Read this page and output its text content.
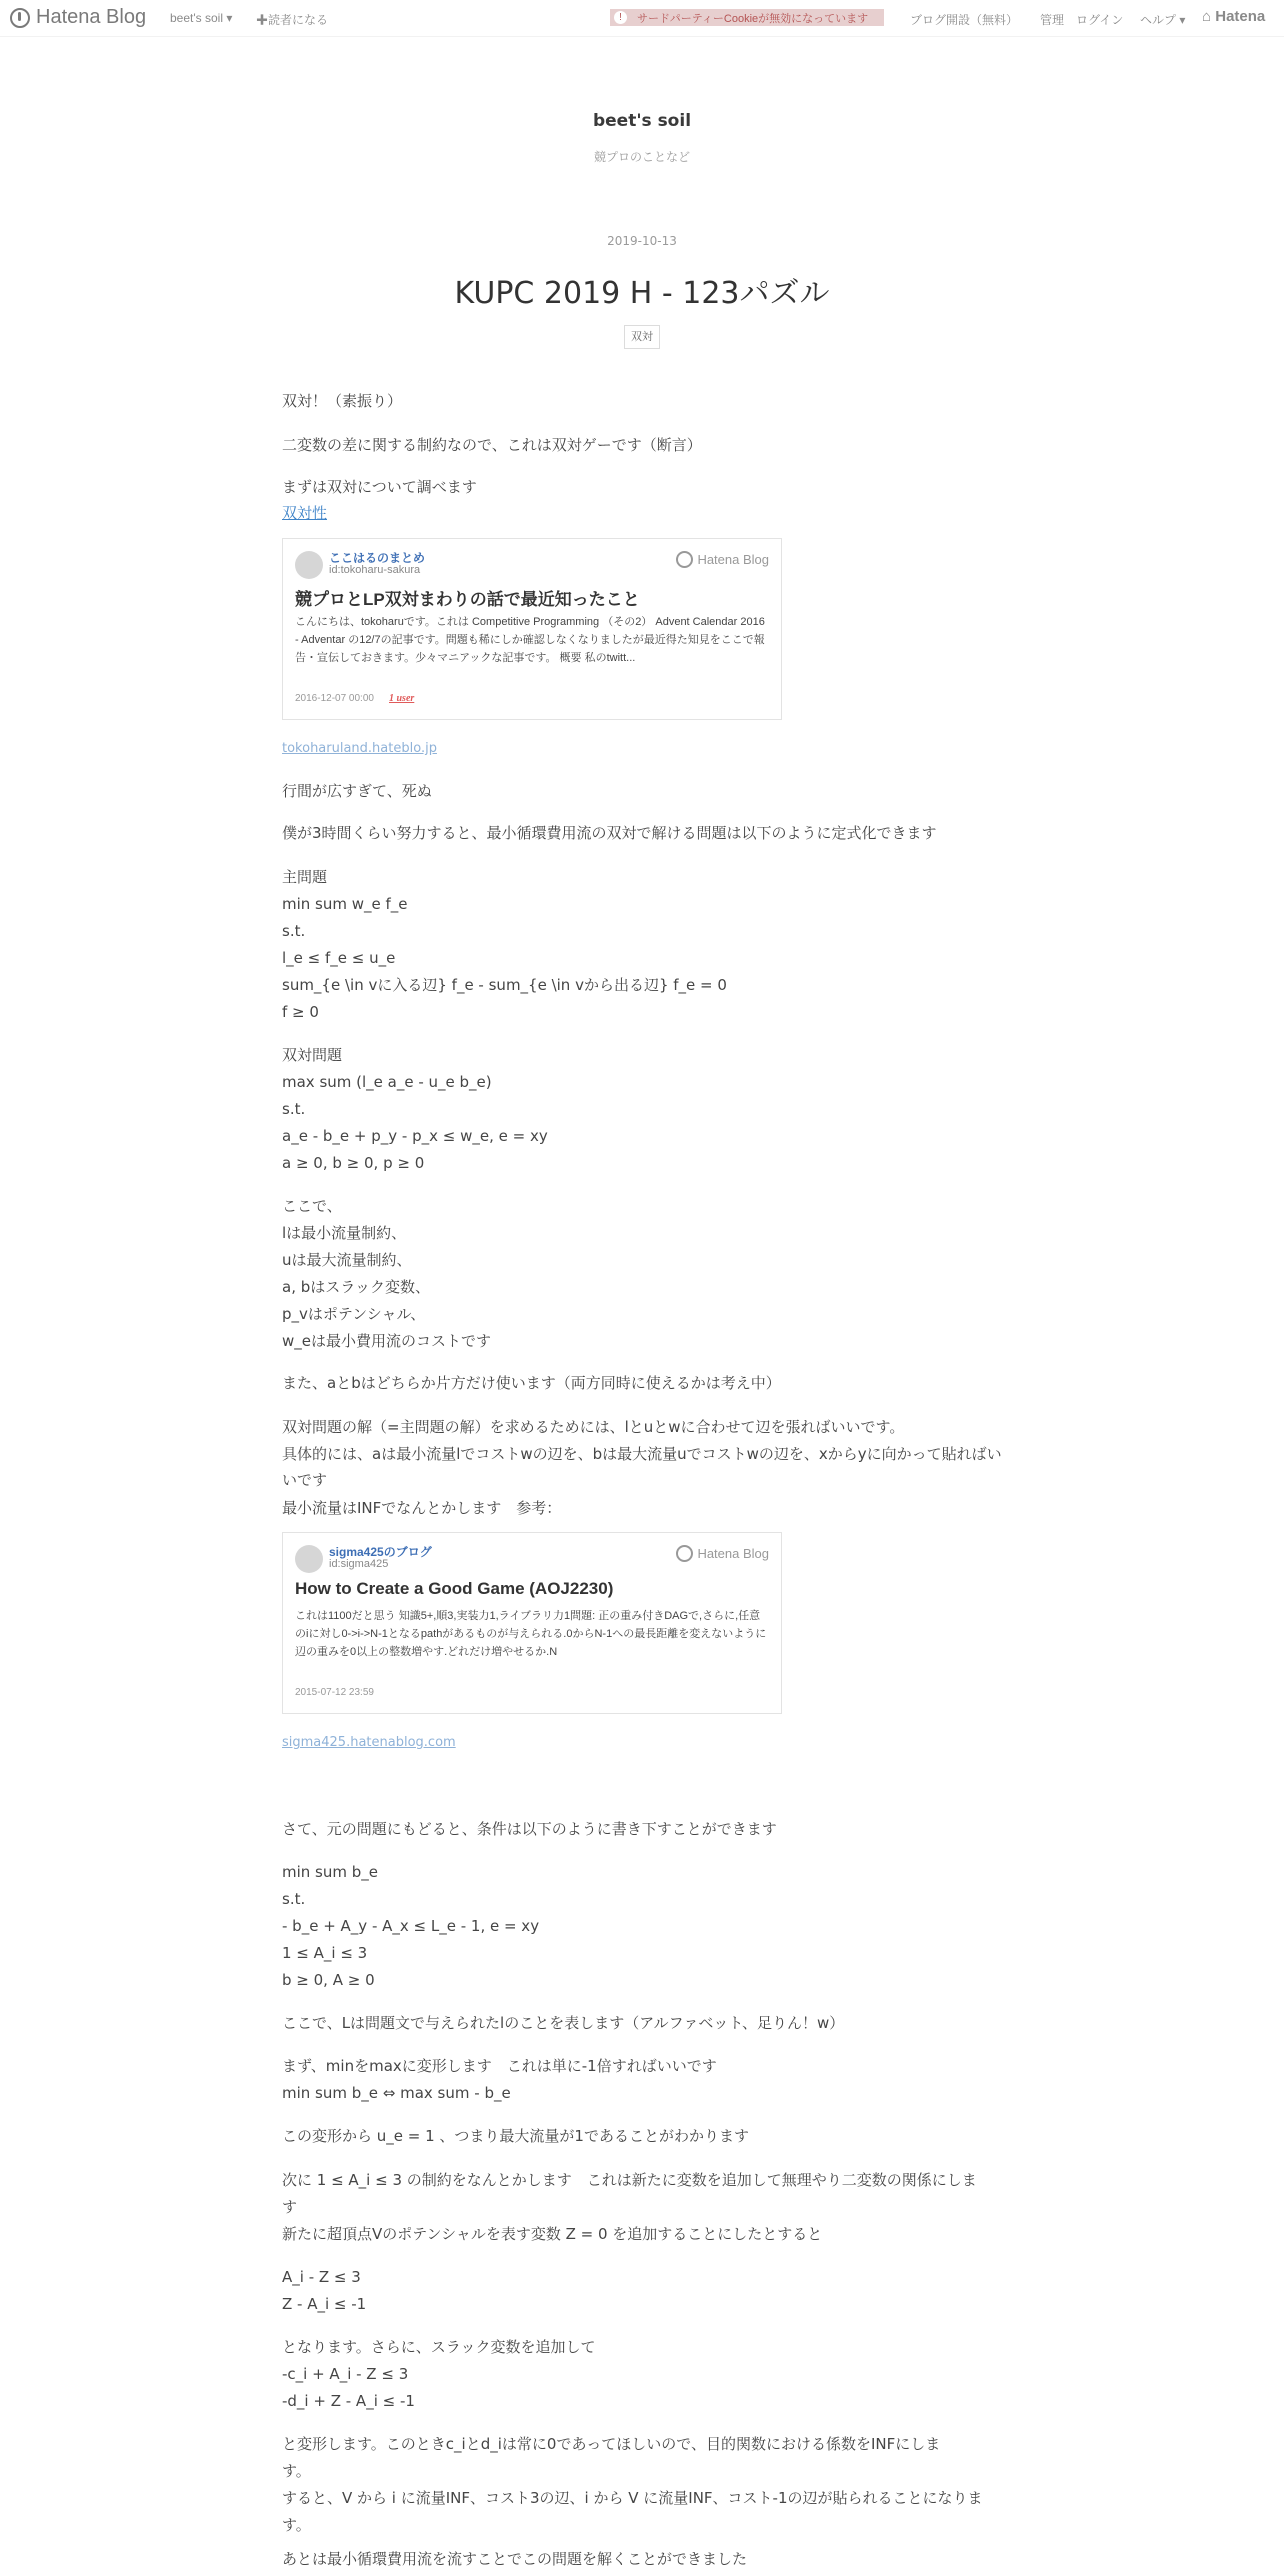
Hatena Blog beet's soil ▾ ✚読者になる	!	サードパーティーCookieが無効になっています	ブログ開設（無料） 管理 ログイン ヘルプ ▾ ⌂ Hatena
beet's soil
競プロのことなど
2019-10-13
KUPC 2019 H - 123パズル
双対
双対！（素振り）
二変数の差に関する制約なので、これは双対ゲーです（断言）
まずは双対について調べます
双対性
ここはるのまとめ
id:tokoharu-sakura
Hatena Blog
競プロとLP双対まわりの話で最近知ったこと
こんにちは、tokoharuです。これは Competitive Programming （その2） Advent Calendar 2016 - Adventar の12/7の記事です。問題も稀にしか確認しなくなりましたが最近得た知見をここで報告・宣伝しておきます。少々マニアックな記事です。 概要 私のtwitt...
2016-12-07 00:00 1 user
tokoharuland.hateblo.jp
行間が広すぎて、死ぬ
僕が3時間くらい努力すると、最小循環費用流の双対で解ける問題は以下のように定式化できます
主問題
min sum w_e f_e
s.t.
l_e ≤ f_e ≤ u_e
sum_{e \in vに入る辺} f_e - sum_{e \in vから出る辺} f_e = 0
f ≥ 0
双対問題
max sum (l_e a_e - u_e b_e)
s.t.
a_e - b_e + p_y - p_x ≤ w_e, e = xy
a ≥ 0, b ≥ 0, p ≥ 0
ここで、
lは最小流量制約、
uは最大流量制約、
a, bはスラック変数、
p_vはポテンシャル、
w_eは最小費用流のコストです
また、aとbはどちらか片方だけ使います（両方同時に使えるかは考え中）
双対問題の解（=主問題の解）を求めるためには、lとuとwに合わせて辺を張ればいいです。
具体的には、aは最小流量lでコストwの辺を、bは最大流量uでコストwの辺を、xからyに向かって貼ればいいです
最小流量はINFでなんとかします　参考：
sigma425のブログ
id:sigma425
Hatena Blog
How to Create a Good Game (AOJ2230)
これは1100だと思う 知識5+,順3,実装力1,ライブラリ力1問題: 正の重み付きDAGで,さらに,任意のiに対し0->i->N-1となるpathがあるものが与えられる.0からN-1への最長距離を変えないように辺の重みを0以上の整数増やす.どれだけ増やせるか.N
2015-07-12 23:59
sigma425.hatenablog.com
さて、元の問題にもどると、条件は以下のように書き下すことができます
min sum b_e
s.t.
- b_e + A_y - A_x ≤ L_e - 1, e = xy
1 ≤ A_i ≤ 3
b ≥ 0, A ≥ 0
ここで、Lは問題文で与えられたlのことを表します（アルファベット、足りん！w）
まず、minをmaxに変形します　これは単に-1倍すればいいです
min sum b_e ⇔ max sum - b_e
この変形から u_e = 1 、つまり最大流量が1であることがわかります
次に 1 ≤ A_i ≤ 3 の制約をなんとかします　これは新たに変数を追加して無理やり二変数の関係にしま
す
新たに超頂点Vのポテンシャルを表す変数 Z = 0 を追加することにしたとすると
A_i - Z ≤ 3
Z - A_i ≤ -1
となります。さらに、スラック変数を追加して
-c_i + A_i - Z ≤ 3
-d_i + Z - A_i ≤ -1
と変形します。このときc_iとd_iは常に0であってほしいので、目的関数における係数をINFにしま
す。
すると、V から i に流量INF、コスト3の辺、i から V に流量INF、コスト-1の辺が貼られることになりま
す。
あとは最小循環費用流を流すことでこの問題を解くことができました
